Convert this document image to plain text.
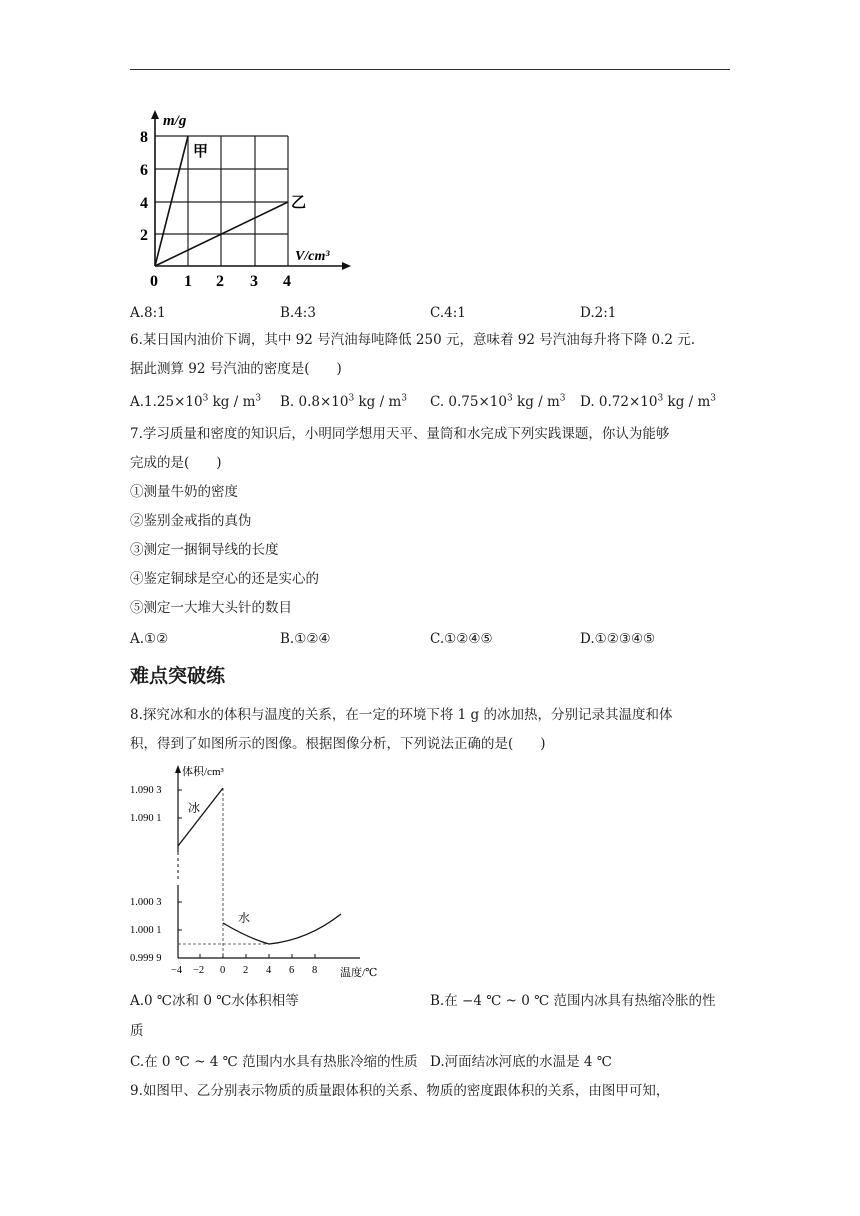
m/g
V/cm³
甲
乙
8
6
4
2
0 1 2 3 4
A.8:1	B.4:3	C.4:1	D.2:1
6.某日国内油价下调，其中 92 号汽油每吨降低 250 元，意味着 92 号汽油每升将下降 0.2 元.
据此测算 92 号汽油的密度是(　　)
$A.1.25\times 10^3$ kg / $m^3$ B. $0.8\times 10^3$ kg / $m^3$ C. $0.75\times 10^3$ kg / $m^3$ D. $0.72\times 10^3$ kg / $m^3$
7.学习质量和密度的知识后，小明同学想用天平、量筒和水完成下列实践课题，你认为能够
完成的是(　　)
①测量牛奶的密度
②鉴别金戒指的真伪
③测定一捆铜导线的长度
④鉴定铜球是空心的还是实心的
⑤测定一大堆大头针的数目
A.①②	B.①②④	C.①②④⑤	D.①②③④⑤
难点突破练
8.探究冰和水的体积与温度的关系，在一定的环境下将 1 g 的冰加热，分别记录其温度和体
积，得到了如图所示的图像。根据图像分析，下列说法正确的是(　　)
体积/cm³
冰
水
1.090 3
1.090 1
1.000 3
1.000 1
0.999 9
−4 −2 0 2 4 6 8 温度/℃
A.0 ℃冰和 0 ℃水体积相等	B.在 −4 ℃ ~ 0 ℃ 范围内冰具有热缩冷胀的性
质
C.在 0 ℃ ~ 4 ℃ 范围内水具有热胀冷缩的性质 D.河面结冰河底的水温是 4 ℃
9.如图甲、乙分别表示物质的质量跟体积的关系、物质的密度跟体积的关系，由图甲可知，
